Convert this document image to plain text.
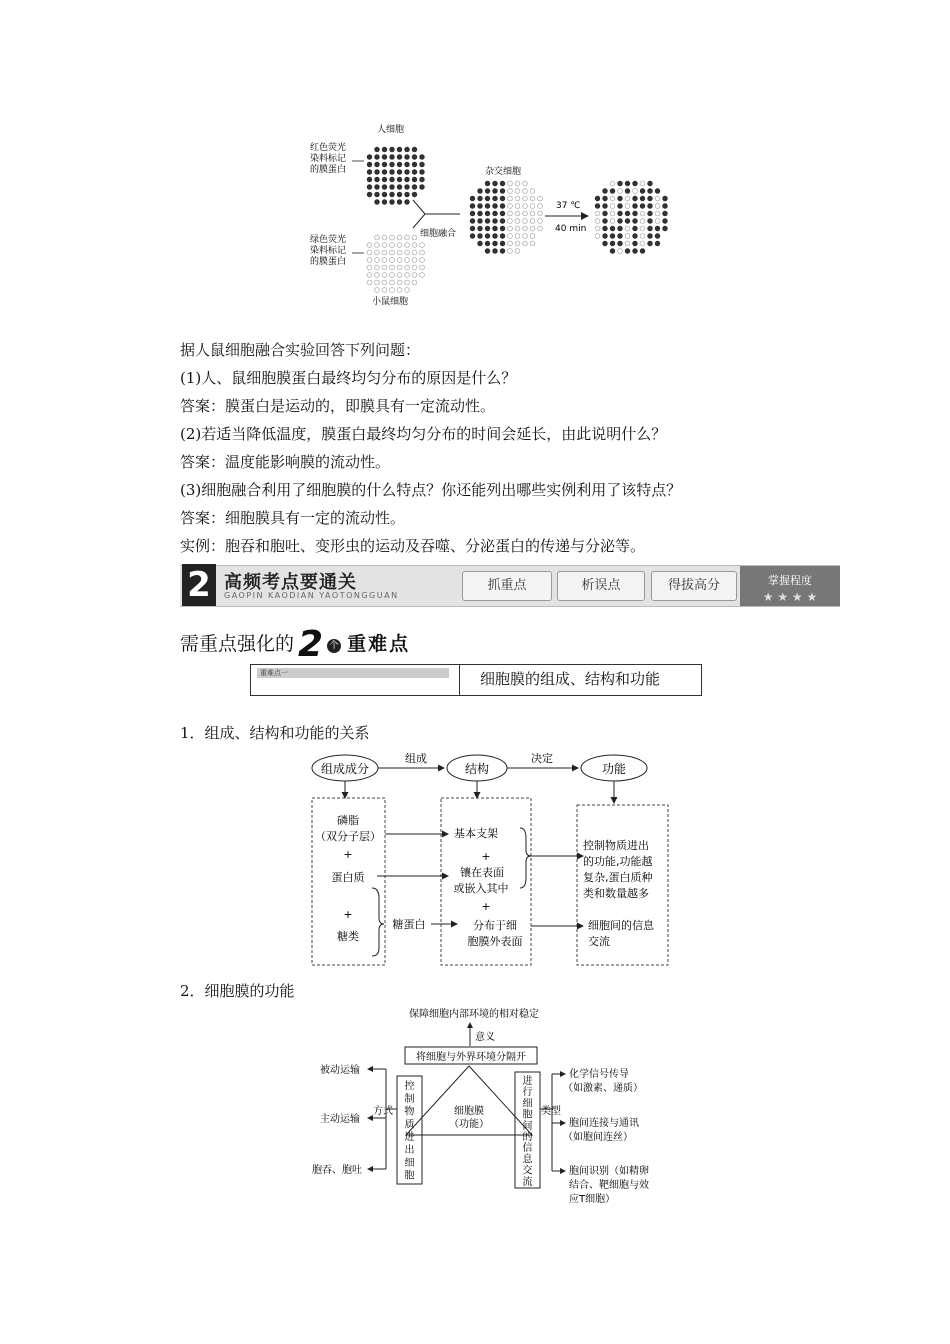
人细胞
红色荧光
染料标记
的膜蛋白
绿色荧光
染料标记
的膜蛋白
小鼠细胞
细胞融合
杂交细胞
37 ℃
40 min
据人鼠细胞融合实验回答下列问题：
(1)人、鼠细胞膜蛋白最终均匀分布的原因是什么？
答案：膜蛋白是运动的，即膜具有一定流动性。
(2)若适当降低温度，膜蛋白最终均匀分布的时间会延长，由此说明什么？
答案：温度能影响膜的流动性。
(3)细胞融合利用了细胞膜的什么特点？你还能列出哪些实例利用了该特点？
答案：细胞膜具有一定的流动性。
实例：胞吞和胞吐、变形虫的运动及吞噬、分泌蛋白的传递与分泌等。
2 高频考点要通关
GAOPIN KAODIAN YAOTONGGUAN
抓重点	析误点	得拔高分	掌握程度
★ ★ ★ ★
需重点强化的 2 个 重难点
重难点一	细胞膜的组成、结构和功能
1．组成、结构和功能的关系
组成成分	结构	功能
组成	决定
磷脂
（双分子层）
+
蛋白质
+
糖类
糖蛋白
基本支架
+
镶在表面
或嵌入其中
+
分布于细
胞膜外表面
控制物质进出
的功能,功能越
复杂,蛋白质种
类和数量越多
细胞间的信息
交流
2．细胞膜的功能
保障细胞内部环境的相对稳定
意义
将细胞与外界环境分隔开
细胞膜
（功能）
控制物质进出细胞
进行细胞间的信息交流
方式	类型
被动运输
主动运输
胞吞、胞吐
化学信号传导
（如激素、递质）
胞间连接与通讯
（如胞间连丝）
胞间识别（如精卵
结合、靶细胞与效
应T细胞）
